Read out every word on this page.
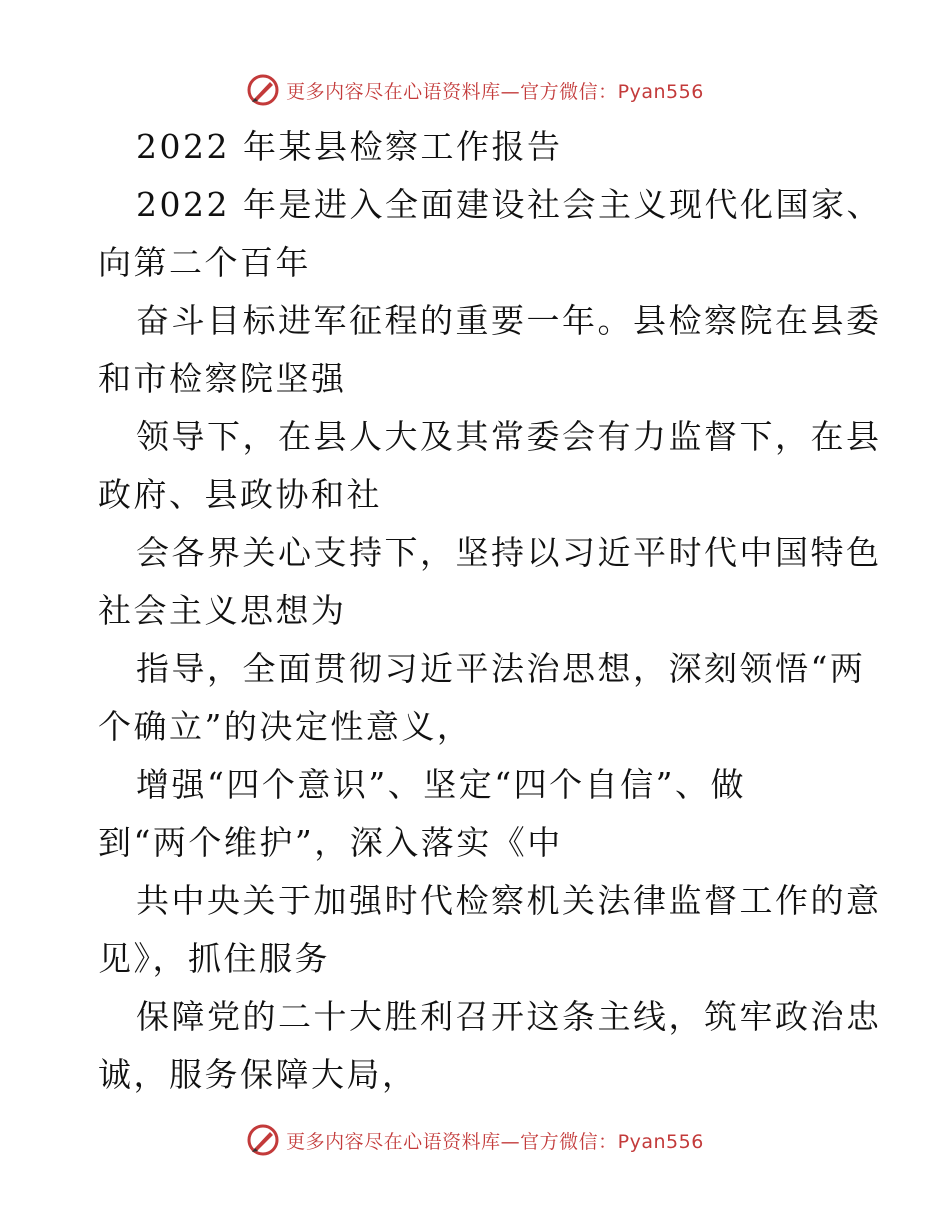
更多内容尽在心语资料库—官方微信：Pyan556
2022 年某县检察工作报告
2022 年是进入全面建设社会主义现代化国家、
向第二个百年
奋斗目标进军征程的重要一年。县检察院在县委
和市检察院坚强
领导下，在县人大及其常委会有力监督下，在县
政府、县政协和社
会各界关心支持下，坚持以习近平时代中国特色
社会主义思想为
指导，全面贯彻习近平法治思想，深刻领悟“两
个确立”的决定性意义，
增强“四个意识”、坚定“四个自信”、做
到“两个维护”，深入落实《中
共中央关于加强时代检察机关法律监督工作的意
见》，抓住服务
保障党的二十大胜利召开这条主线，筑牢政治忠
诚，服务保障大局，
更多内容尽在心语资料库—官方微信：Pyan556
